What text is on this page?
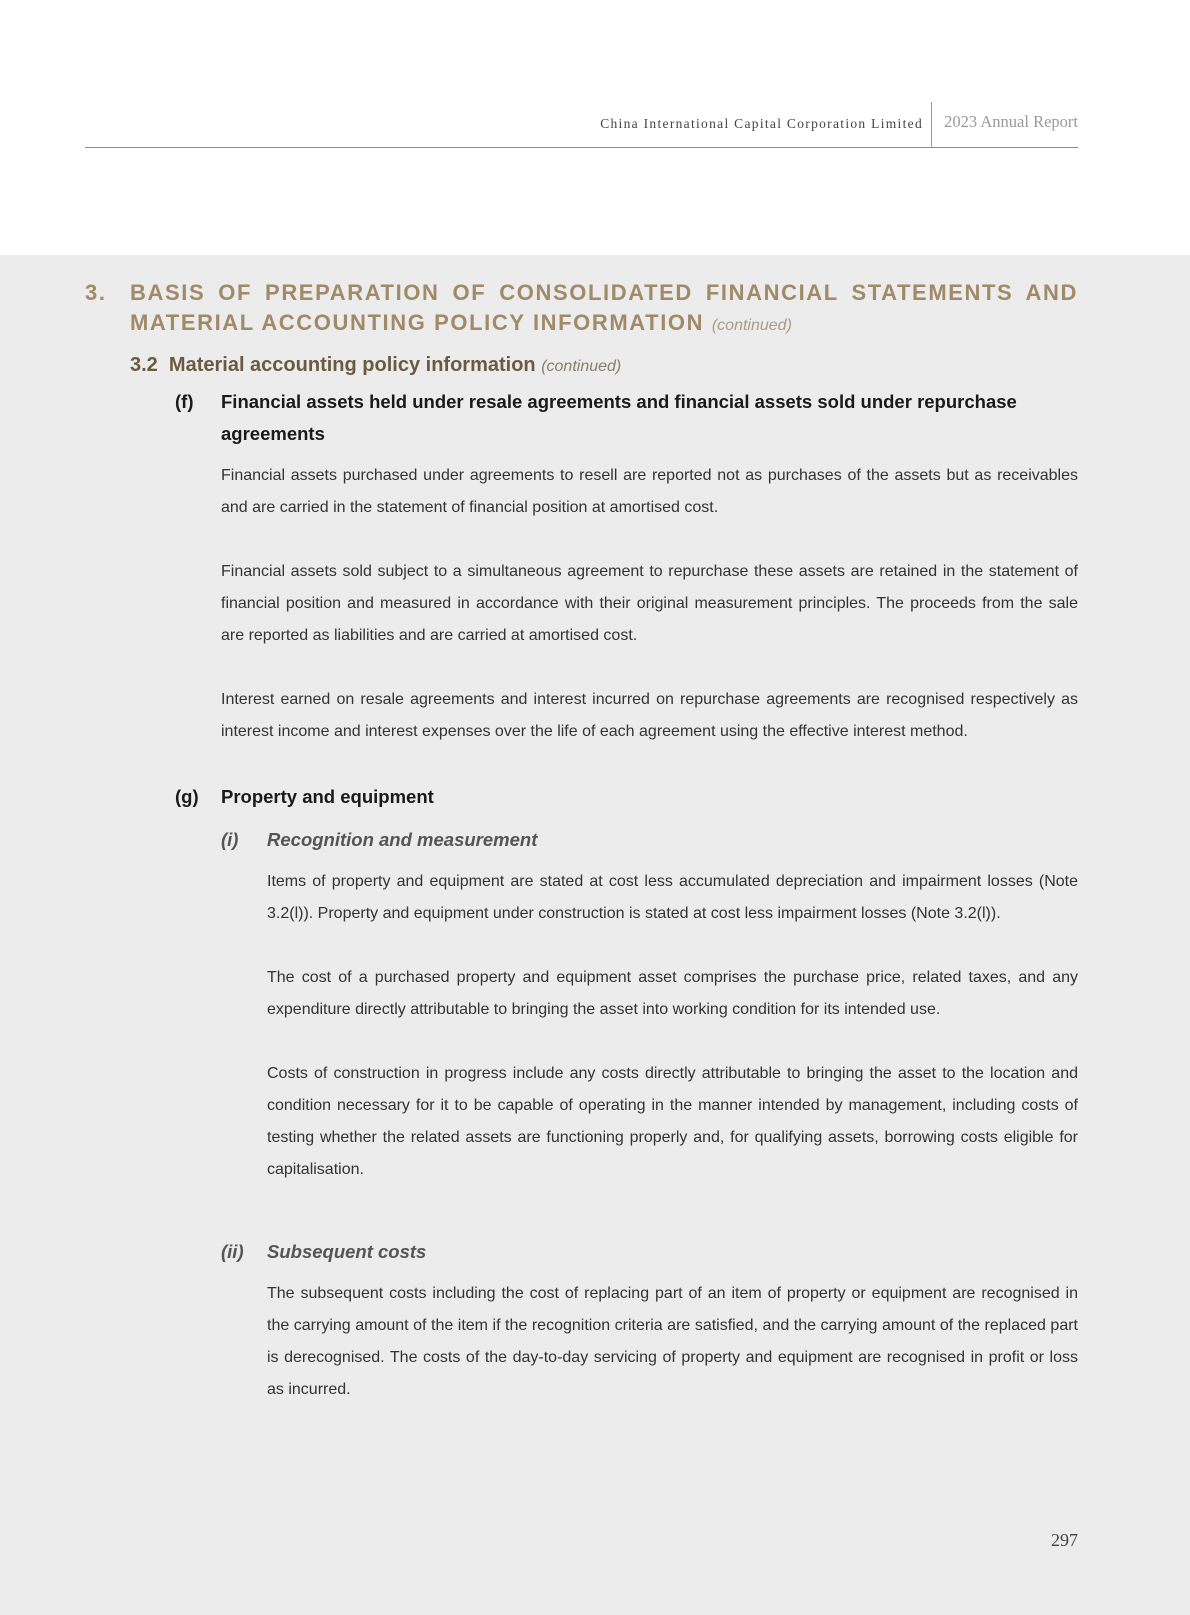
China International Capital Corporation Limited 2023 Annual Report
3. BASIS OF PREPARATION OF CONSOLIDATED FINANCIAL STATEMENTS AND MATERIAL ACCOUNTING POLICY INFORMATION (continued)
3.2  Material accounting policy information (continued)
(f) Financial assets held under resale agreements and financial assets sold under repurchase agreements

Financial assets purchased under agreements to resell are reported not as purchases of the assets but as receivables and are carried in the statement of financial position at amortised cost.

Financial assets sold subject to a simultaneous agreement to repurchase these assets are retained in the statement of financial position and measured in accordance with their original measurement principles. The proceeds from the sale are reported as liabilities and are carried at amortised cost.

Interest earned on resale agreements and interest incurred on repurchase agreements are recognised respectively as interest income and interest expenses over the life of each agreement using the effective interest method.

(g) Property and equipment
(i) Recognition and measurement

Items of property and equipment are stated at cost less accumulated depreciation and impairment losses (Note 3.2(l)). Property and equipment under construction is stated at cost less impairment losses (Note 3.2(l)).

The cost of a purchased property and equipment asset comprises the purchase price, related taxes, and any expenditure directly attributable to bringing the asset into working condition for its intended use.

Costs of construction in progress include any costs directly attributable to bringing the asset to the location and condition necessary for it to be capable of operating in the manner intended by management, including costs of testing whether the related assets are functioning properly and, for qualifying assets, borrowing costs eligible for capitalisation.

(ii) Subsequent costs

The subsequent costs including the cost of replacing part of an item of property or equipment are recognised in the carrying amount of the item if the recognition criteria are satisfied, and the carrying amount of the replaced part is derecognised. The costs of the day-to-day servicing of property and equipment are recognised in profit or loss as incurred.

297
